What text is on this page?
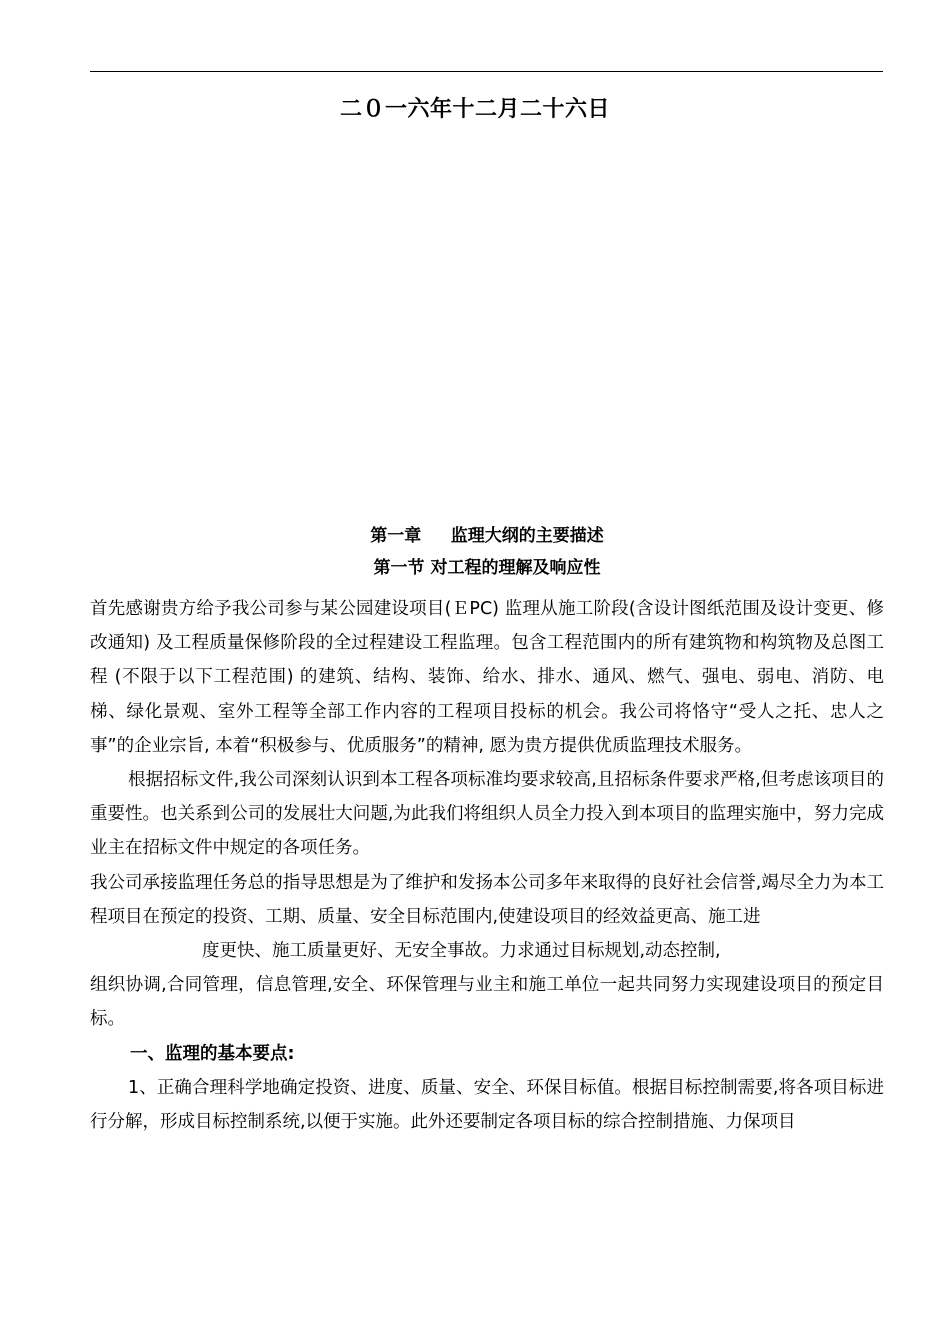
二０一六年十二月二十六日
第一章     监理大纲的主要描述
第一节 对工程的理解及响应性

首先感谢贵方给予我公司参与某公园建设项目(ＥPC) 监理从施工阶段(含设计图纸范围及设计变更、修改通知) 及工程质量保修阶段的全过程建设工程监理。包含工程范围内的所有建筑物和构筑物及总图工程 (不限于以下工程范围) 的建筑、结构、装饰、给水、排水、通风、燃气、强电、弱电、消防、电梯、绿化景观、室外工程等全部工作内容的工程项目投标的机会。我公司将恪守“受人之托、忠人之事”的企业宗旨, 本着“积极参与、优质服务”的精神, 愿为贵方提供优质监理技术服务。

根据招标文件,我公司深刻认识到本工程各项标准均要求较高,且招标条件要求严格,但考虑该项目的重要性。也关系到公司的发展壮大问题,为此我们将组织人员全力投入到本项目的监理实施中，努力完成业主在招标文件中规定的各项任务。

我公司承接监理任务总的指导思想是为了维护和发扬本公司多年来取得的良好社会信誉,竭尽全力为本工程项目在预定的投资、工期、质量、安全目标范围内,使建设项目的经效益更高、施工进

度更快、施工质量更好、无安全事故。力求通过目标规划,动态控制,

组织协调,合同管理，信息管理,安全、环保管理与业主和施工单位一起共同努力实现建设项目的预定目标。

一、监理的基本要点:

1、正确合理科学地确定投资、进度、质量、安全、环保目标值。根据目标控制需要,将各项目标进行分解，形成目标控制系统,以便于实施。此外还要制定各项目标的综合控制措施、力保项目
